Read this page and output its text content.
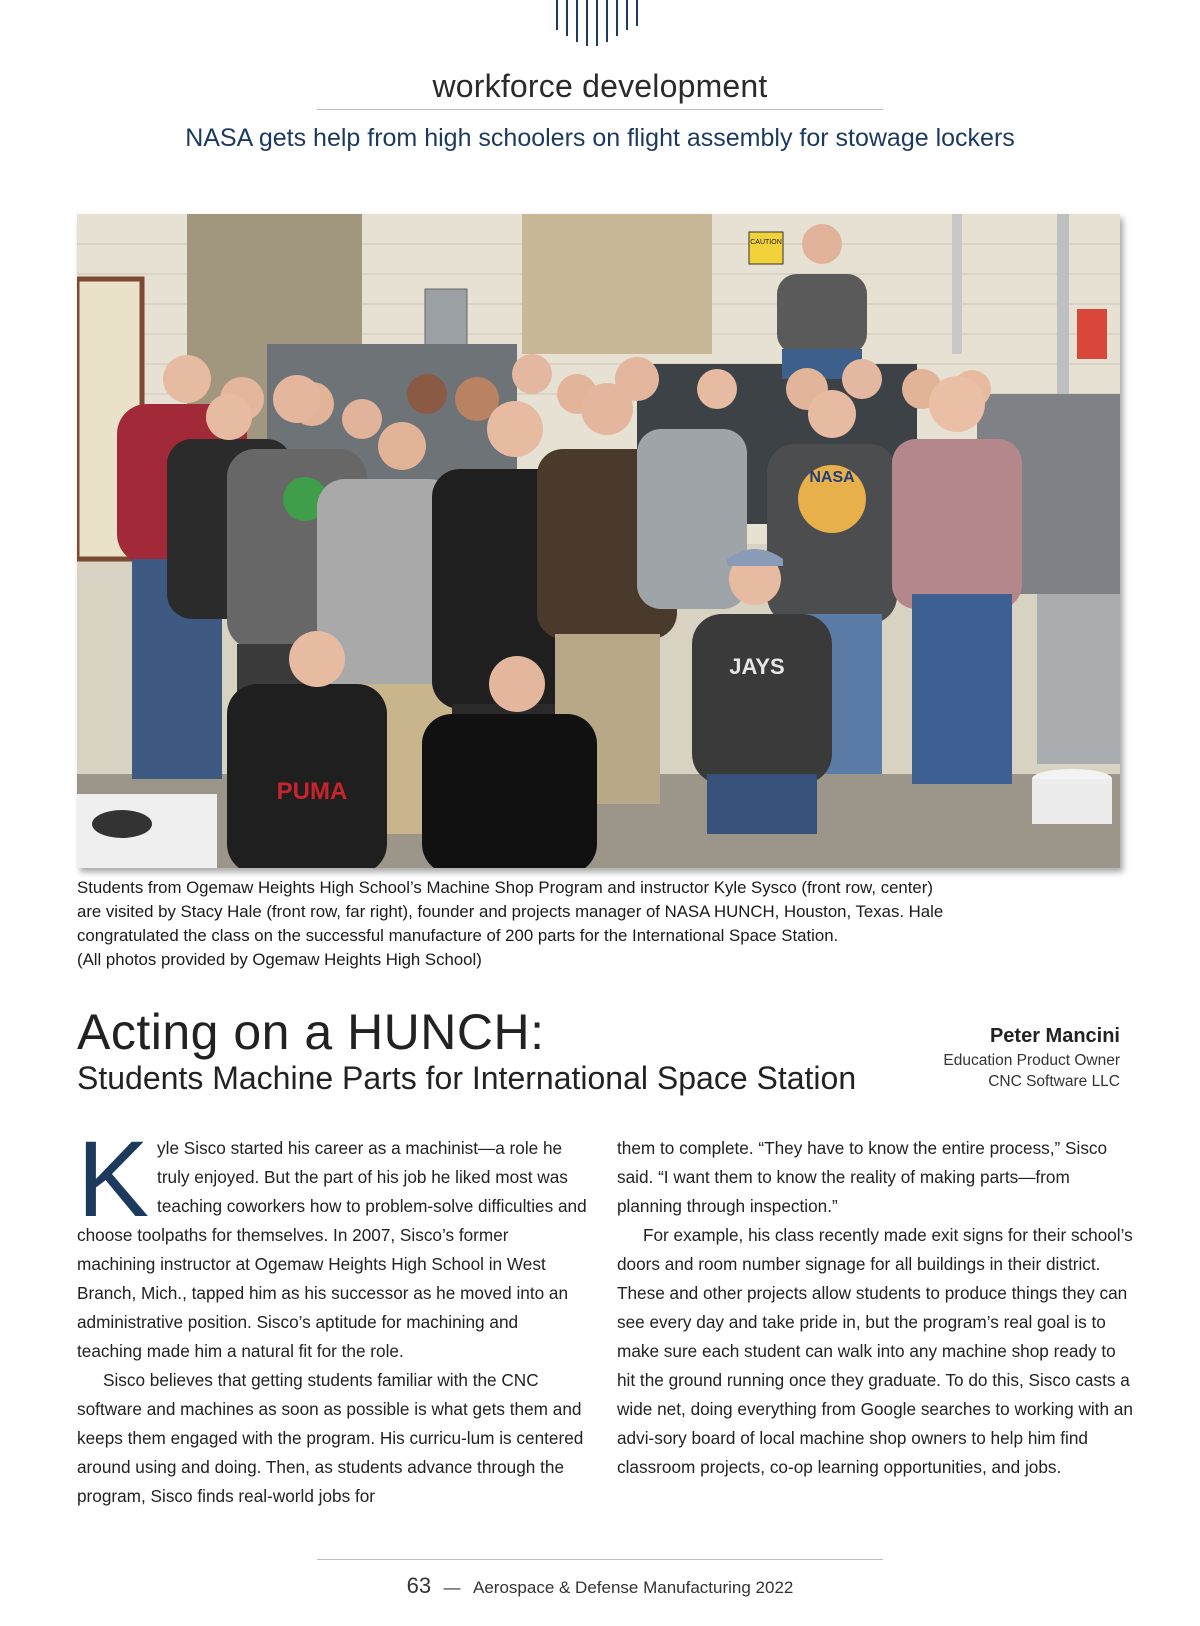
workforce development
NASA gets help from high schoolers on flight assembly for stowage lockers
CAUTION
NASA
PUMA
JAYS
Students from Ogemaw Heights High School’s Machine Shop Program and instructor Kyle Sysco (front row, center)
are visited by Stacy Hale (front row, far right), founder and projects manager of NASA HUNCH, Houston, Texas. Hale
congratulated the class on the successful manufacture of 200 parts for the International Space Station.
(All photos provided by Ogemaw Heights High School)
Acting on a HUNCH:
Students Machine Parts for International Space Station
Peter Mancini
Education Product Owner
CNC Software LLC

Kyle Sisco started his career as a machinist—a role he truly enjoyed. But the part of his job he liked most was teaching coworkers how to problem-solve difficulties and choose toolpaths for themselves. In 2007, Sisco’s former machining instructor at Ogemaw Heights High School in West Branch, Mich., tapped him as his successor as he moved into an administrative position. Sisco’s aptitude for machining and teaching made him a natural fit for the role.

Sisco believes that getting students familiar with the CNC software and machines as soon as possible is what gets them and keeps them engaged with the program. His curricu-lum is centered around using and doing. Then, as students advance through the program, Sisco finds real-world jobs for

them to complete. “They have to know the entire process,” Sisco said. “I want them to know the reality of making parts—from planning through inspection.”

For example, his class recently made exit signs for their school’s doors and room number signage for all buildings in their district. These and other projects allow students to produce things they can see every day and take pride in, but the program’s real goal is to make sure each student can walk into any machine shop ready to hit the ground running once they graduate. To do this, Sisco casts a wide net, doing everything from Google searches to working with an advi-sory board of local machine shop owners to help him find classroom projects, co-op learning opportunities, and jobs.

63 — Aerospace & Defense Manufacturing 2022
